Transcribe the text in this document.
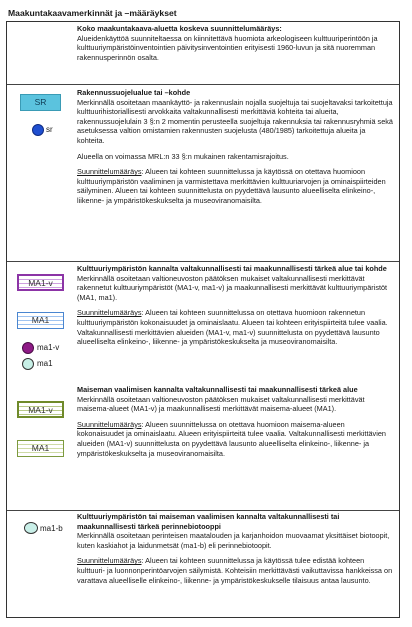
Maakuntakaavamerkinnät ja –määräykset
Koko maakuntakaava-aluetta koskeva suunnittelumääräys:
Alueidenkäyttöä suunniteltaessa on kiinnitettävä huomiota arkeologiseen kulttuuriperintöön ja kulttuuriympäristöinventointien päivitysinventointien erityisesti 1960-luvun ja sitä nuoremman rakennusperinnön osalta.
SR
sr
Rakennussuojelualue tai –kohde
Merkinnällä osoitetaan maankäyttö- ja rakennuslain nojalla suojeltuja tai suojeltavaksi tarkoitettuja kulttuurihistoriallisesti arvokkaita valtakunnallisesti merkittäviä kohteita tai alueita, rakennussuojelulain 3 §:n 2 momentin perusteella suojeltuja rakennuksia tai rakennusryhmiä sekä asetuksessa valtion omistamien rakennusten suojelusta (480/1985) tarkoitettuja alueita ja kohteita.
Alueella on voimassa MRL:n 33 §:n mukainen rakentamisrajoitus.
Suunnittelumääräys: Alueen tai kohteen suunnittelussa ja käytössä on otettava huomioon kulttuuriympäristön vaaliminen ja varmistettava merkittävien kulttuuriarvojen ja ominaispiirteiden säilyminen. Alueen tai kohteen suunnittelusta on pyydettävä lausunto alueelliselta elinkeino-, liikenne- ja ympäristökeskukselta ja museoviranomaisilta.
MA1-v
MA1
ma1-v
ma1
Kulttuuriympäristön kannalta valtakunnallisesti tai maakunnallisesti tärkeä alue tai kohde
Merkinnällä osoitetaan valtioneuvoston päätöksen mukaiset valtakunnallisesti merkittävät rakennetut kulttuuriympäristöt (MA1-v, ma1-v) ja maakunnallisesti merkittävät kulttuuriympäristöt (MA1, ma1).
Suunnittelumääräys: Alueen tai kohteen suunnittelussa on otettava huomioon rakennetun kulttuuriympäristön kokonaisuudet ja ominaislaatu. Alueen tai kohteen erityispiirteitä tulee vaalia. Valtakunnallisesti merkittävien alueiden (MA1-v, ma1-v) suunnittelusta on pyydettävä lausunto alueelliselta elinkeino-, liikenne- ja ympäristökeskukselta ja museoviranomaisilta.
MA1-v
MA1
Maiseman vaalimisen kannalta valtakunnallisesti tai maakunnallisesti tärkeä alue
Merkinnällä osoitetaan valtioneuvoston päätöksen mukaiset valtakunnallisesti merkittävät maisema-alueet (MA1-v) ja maakunnallisesti merkittävät maisema-alueet (MA1).
Suunnittelumääräys: Alueen suunnittelussa on otettava huomioon maisema-alueen kokonaisuudet ja ominaislaatu. Alueen erityispiirteitä tulee vaalia. Valtakunnallisesti merkittävien alueiden (MA1-v) suunnittelusta on pyydettävä lausunto alueelliselta elinkeino-, liikenne- ja ympäristökeskukselta ja museoviranomaisilta.
ma1-b
Kulttuuriympäristön tai maiseman vaalimisen kannalta valtakunnallisesti tai maakunnallisesti tärkeä perinnebiotooppi
Merkinnällä osoitetaan perinteisen maatalouden ja karjanhoidon muovaamat yksittäiset biotoopit, kuten kaskiahot ja laidunmetsät (ma1-b) eli perinnebiotoopit.
Suunnittelumääräys: Alueen tai kohteen suunnittelussa ja käytössä tulee edistää kohteen kulttuuri- ja luonnonperintöarvojen säilymistä. Kohteisiin merkittävästi vaikuttavissa hankkeissa on varattava alueelliselle elinkeino-, liikenne- ja ympäristökeskukselle tilaisuus antaa lausunto.
